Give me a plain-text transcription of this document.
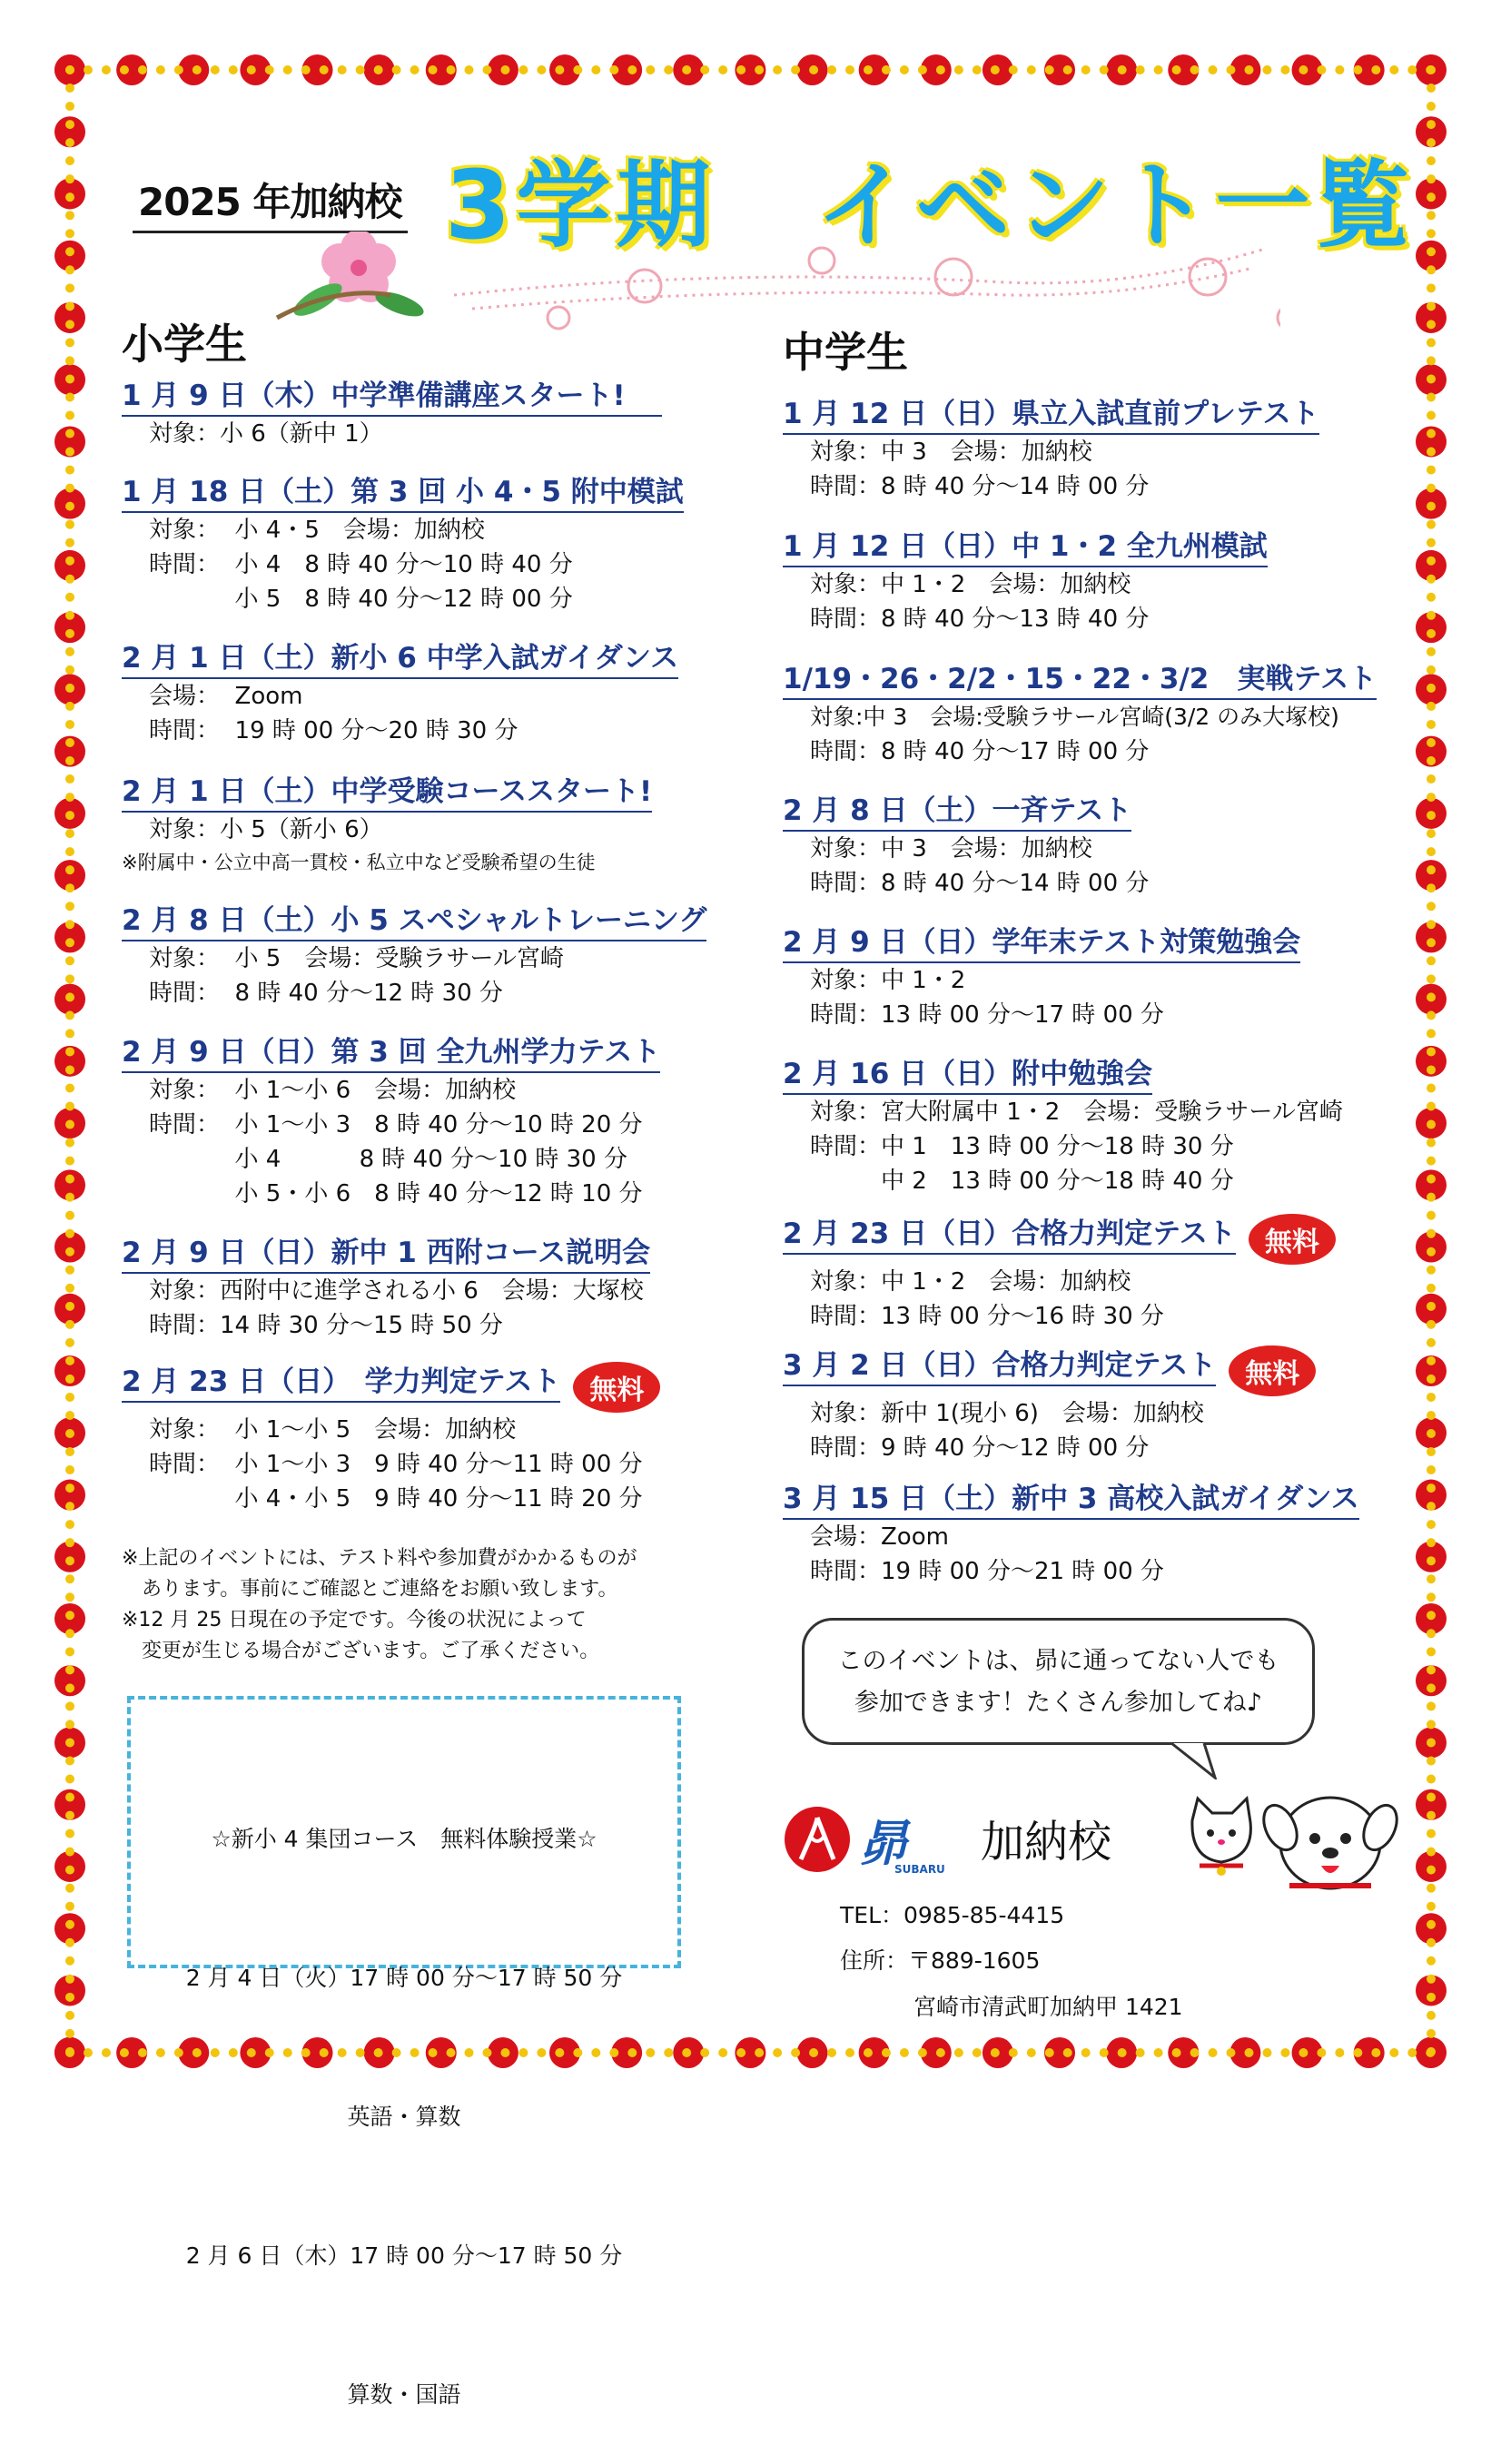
2025 年加納校 3学期　イベント一覧
小学生
1 月 9 日（木）中学準備講座スタート!
対象：小 6（新中 1）
1 月 18 日（土）第 3 回 小 4・5 附中模試
対象：  小 4・5　会場：加納校
時間：  小 4　8 時 40 分〜10 時 40 分
　　　  小 5　8 時 40 分〜12 時 00 分
2 月 1 日（土）新小 6 中学入試ガイダンス
会場：  Zoom
時間：  19 時 00 分〜20 時 30 分
2 月 1 日（土）中学受験コーススタート!
対象：小 5（新小 6）
※附属中・公立中高一貫校・私立中など受験希望の生徒
2 月 8 日（土）小 5 スペシャルトレーニング
対象：  小 5　会場：受験ラサール宮崎
時間：  8 時 40 分〜12 時 30 分
2 月 9 日（日）第 3 回 全九州学力テスト
対象：  小 1〜小 6　会場：加納校
時間：  小 1〜小 3　8 時 40 分〜10 時 20 分
　　　  小 4　　　 8 時 40 分〜10 時 30 分
　　　  小 5・小 6　8 時 40 分〜12 時 10 分
2 月 9 日（日）新中 1 西附コース説明会
対象：西附中に進学される小 6　会場：大塚校
時間：14 時 30 分〜15 時 50 分
2 月 23 日（日）　学力判定テスト 無料
対象：  小 1〜小 5　会場：加納校
時間：  小 1〜小 3　9 時 40 分〜11 時 00 分
　　　  小 4・小 5　9 時 40 分〜11 時 20 分
※上記のイベントには、テスト料や参加費がかかるものが
　あります。事前にご確認とご連絡をお願い致します。
※12 月 25 日現在の予定です。今後の状況によって
　変更が生じる場合がございます。ご了承ください。

☆新小 4 集団コース　無料体験授業☆

2 月 4 日（火）17 時 00 分〜17 時 50 分

英語・算数

2 月 6 日（木）17 時 00 分〜17 時 50 分

算数・国語

中学生
1 月 12 日（日）県立入試直前プレテスト
対象：中 3　会場：加納校
時間：8 時 40 分〜14 時 00 分
1 月 12 日（日）中 1・2 全九州模試
対象：中 1・2　会場：加納校
時間：8 時 40 分〜13 時 40 分
1/19・26・2/2・15・22・3/2　実戦テスト
対象:中 3　会場:受験ラサール宮崎(3/2 のみ大塚校)
時間：8 時 40 分〜17 時 00 分
2 月 8 日（土）一斉テスト
対象：中 3　会場：加納校
時間：8 時 40 分〜14 時 00 分
2 月 9 日（日）学年末テスト対策勉強会
対象：中 1・2
時間：13 時 00 分〜17 時 00 分
2 月 16 日（日）附中勉強会
対象：宮大附属中 1・2　会場：受験ラサール宮崎
時間：中 1　13 時 00 分〜18 時 30 分
　　　中 2　13 時 00 分〜18 時 40 分
2 月 23 日（日）合格力判定テスト 無料
対象：中 1・2　会場：加納校
時間：13 時 00 分〜16 時 30 分
3 月 2 日（日）合格力判定テスト 無料
対象：新中 1(現小 6)　会場：加納校
時間：9 時 40 分〜12 時 00 分
3 月 15 日（土）新中 3 高校入試ガイダンス
会場：Zoom
時間：19 時 00 分〜21 時 00 分
このイベントは、昴に通ってない人でも
参加できます！たくさん参加してね♪
昴
SUBARU
加納校
TEL：0985-85-4415
住所：〒889-1605
宮崎市清武町加納甲 1421
